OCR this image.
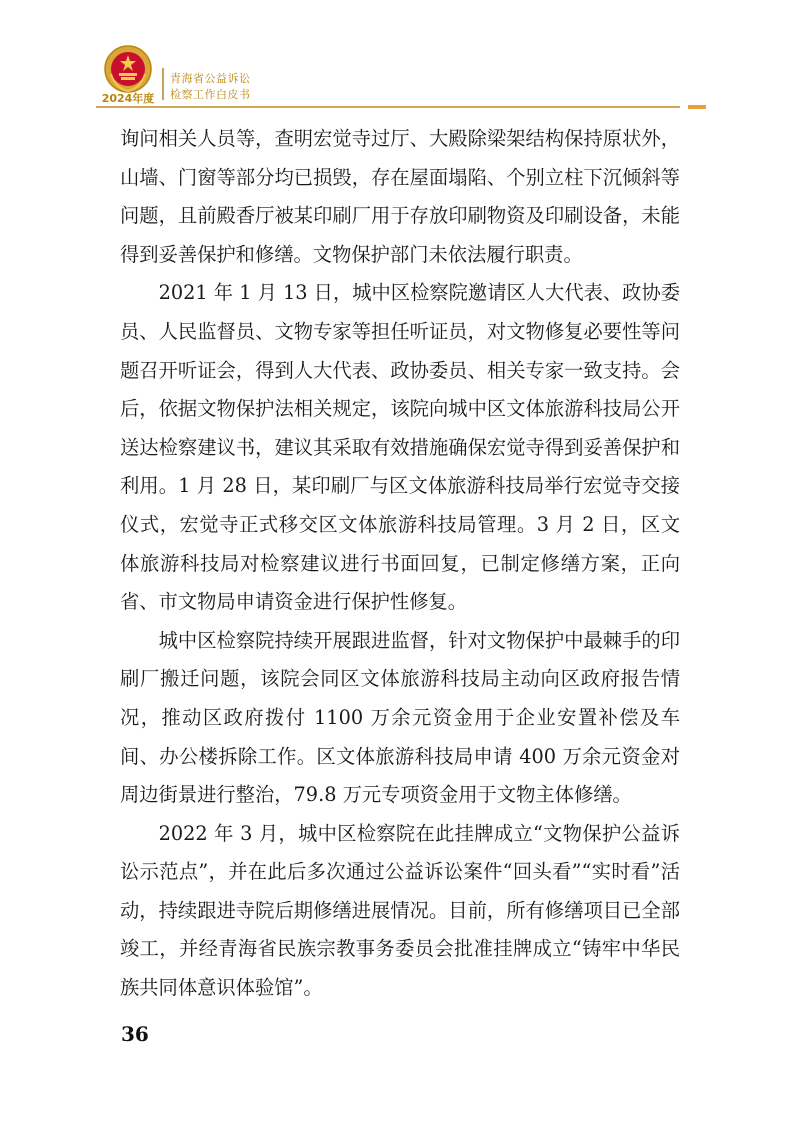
2024年度
青海省公益诉讼
检察工作白皮书

询问相关人员等，查明宏觉寺过厅、大殿除梁架结构保持原状外，山墙、门窗等部分均已损毁，存在屋面塌陷、个别立柱下沉倾斜等问题，且前殿香厅被某印刷厂用于存放印刷物资及印刷设备，未能得到妥善保护和修缮。文物保护部门未依法履行职责。

2021 年 1 月 13 日，城中区检察院邀请区人大代表、政协委员、人民监督员、文物专家等担任听证员，对文物修复必要性等问题召开听证会，得到人大代表、政协委员、相关专家一致支持。会后，依据文物保护法相关规定，该院向城中区文体旅游科技局公开送达检察建议书，建议其采取有效措施确保宏觉寺得到妥善保护和利用。1 月 28 日，某印刷厂与区文体旅游科技局举行宏觉寺交接仪式，宏觉寺正式移交区文体旅游科技局管理。3 月 2 日，区文体旅游科技局对检察建议进行书面回复，已制定修缮方案，正向省、市文物局申请资金进行保护性修复。

城中区检察院持续开展跟进监督，针对文物保护中最棘手的印刷厂搬迁问题，该院会同区文体旅游科技局主动向区政府报告情况，推动区政府拨付 1100 万余元资金用于企业安置补偿及车间、办公楼拆除工作。区文体旅游科技局申请 400 万余元资金对周边街景进行整治，79.8 万元专项资金用于文物主体修缮。

2022 年 3 月，城中区检察院在此挂牌成立“文物保护公益诉讼示范点”，并在此后多次通过公益诉讼案件“回头看”“实时看”活动，持续跟进寺院后期修缮进展情况。目前，所有修缮项目已全部竣工，并经青海省民族宗教事务委员会批准挂牌成立“铸牢中华民族共同体意识体验馆”。

36
